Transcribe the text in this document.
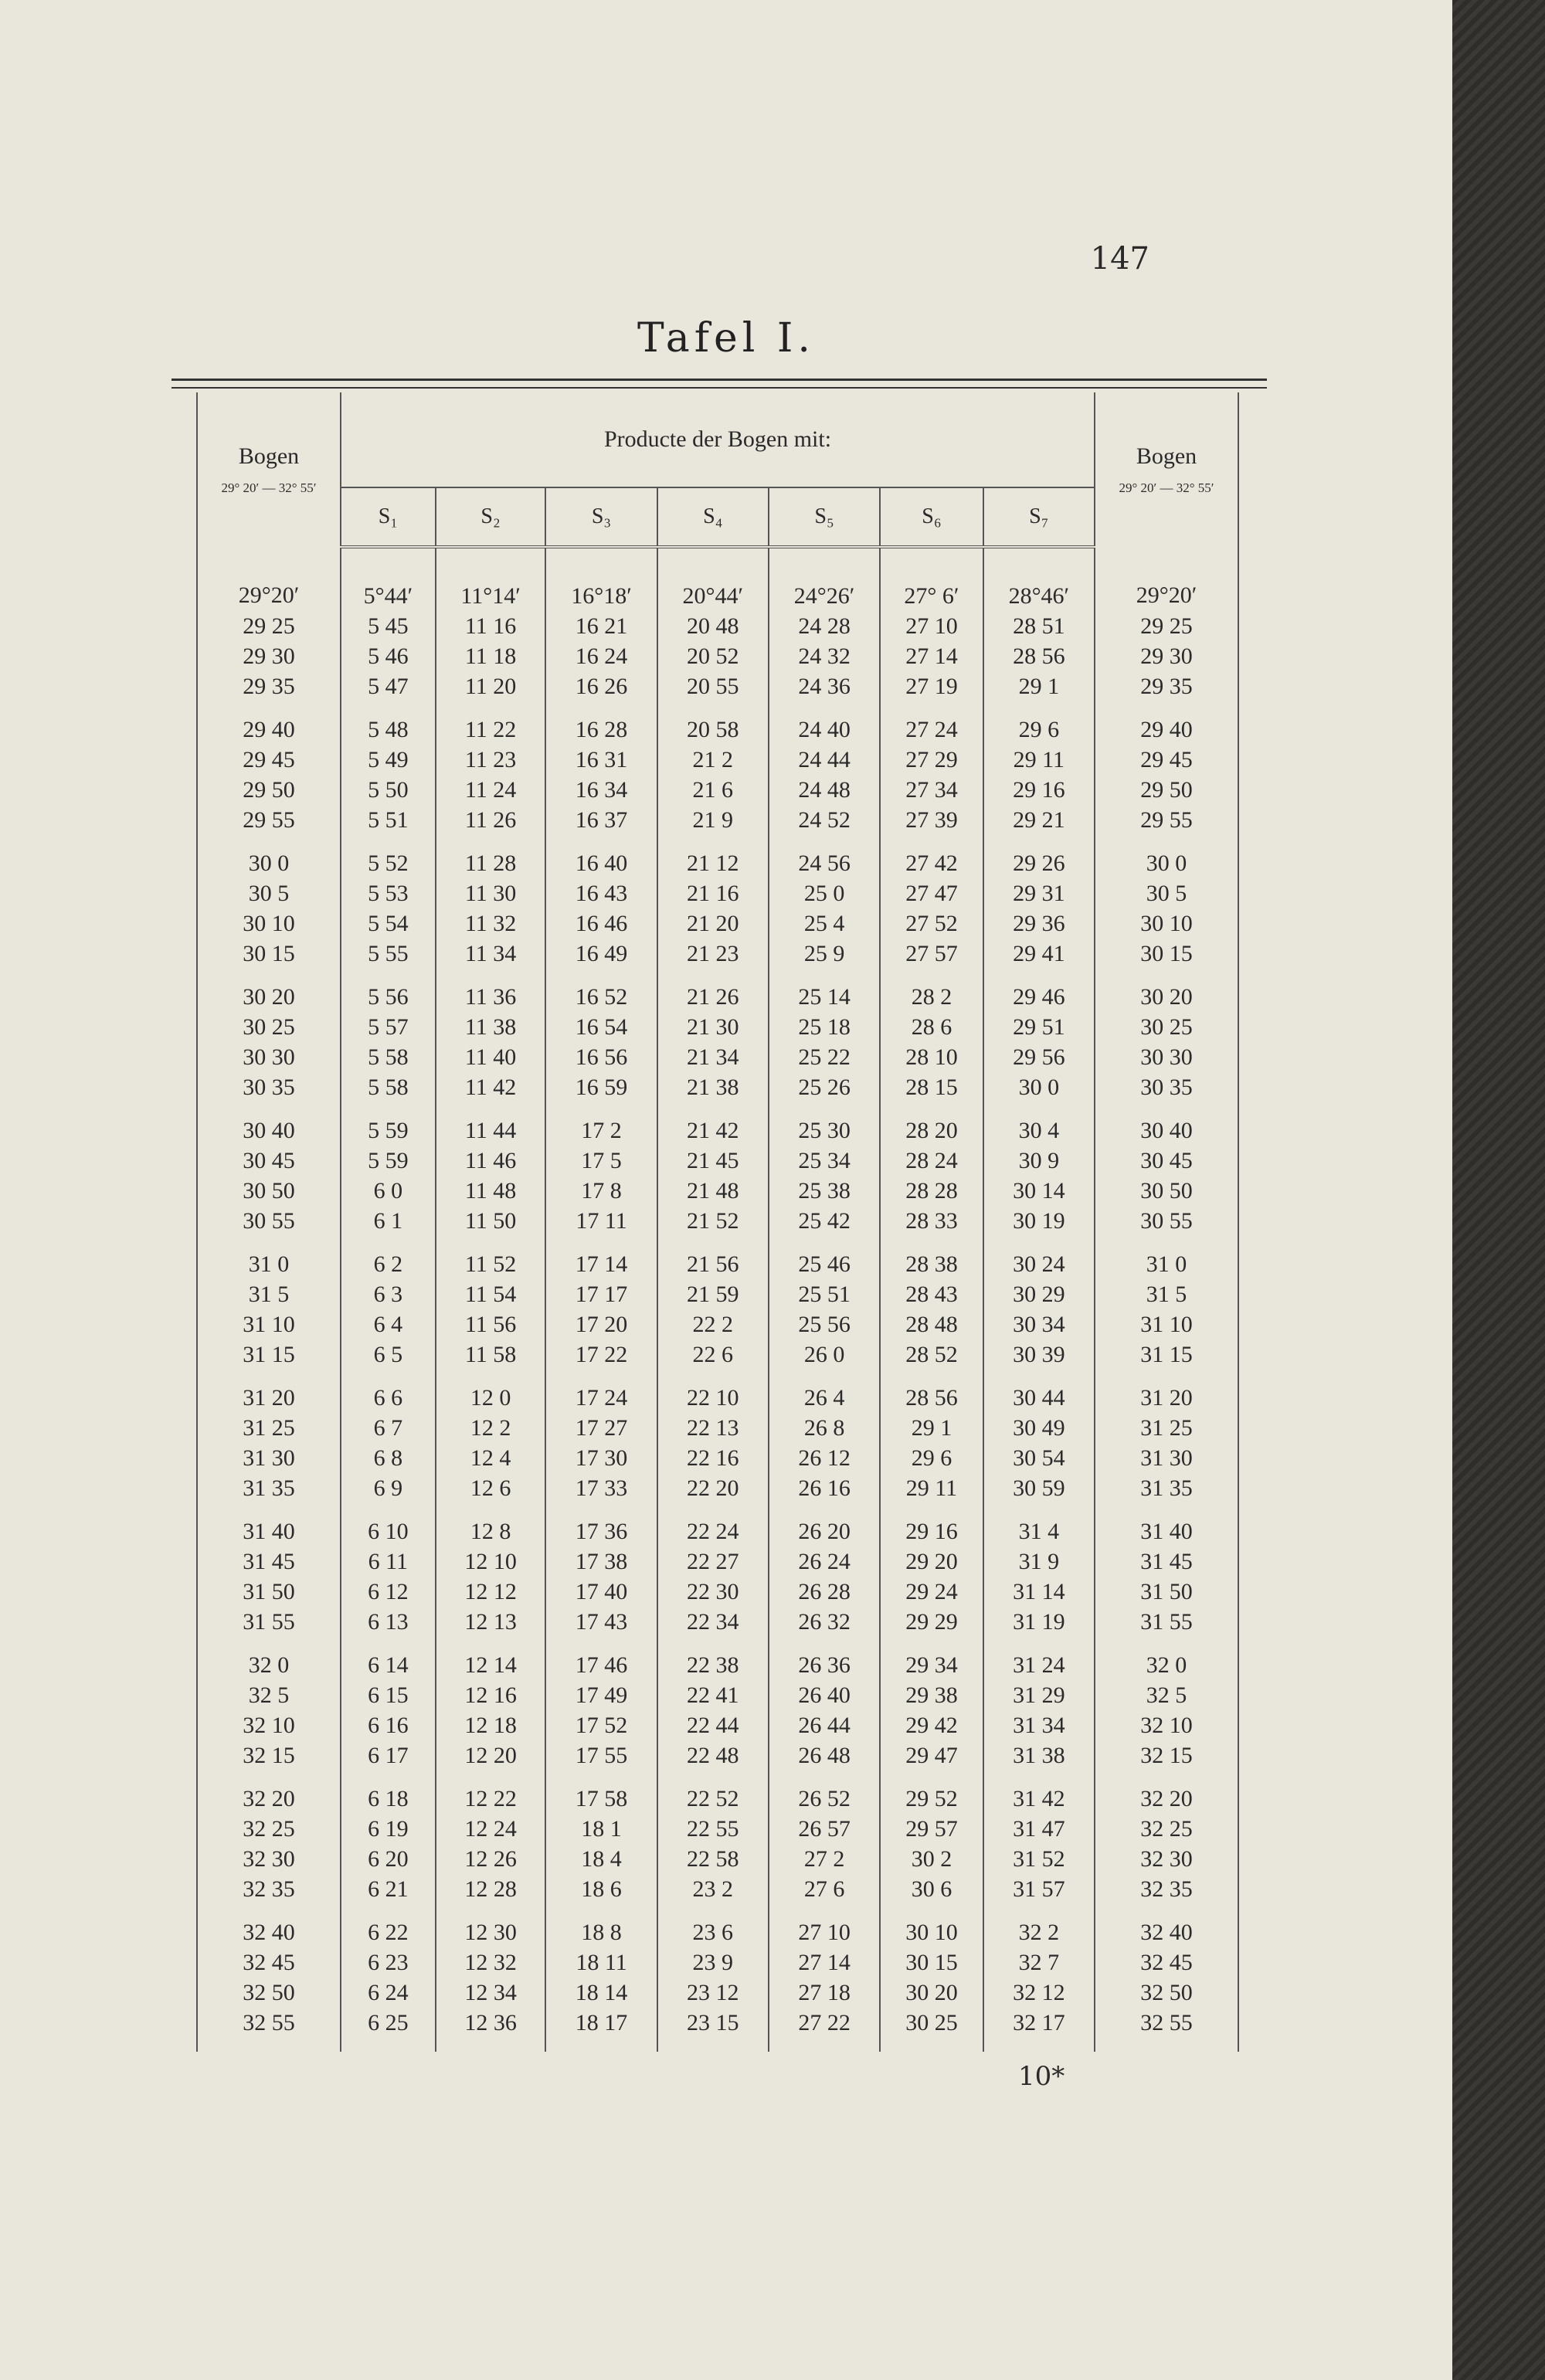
147
Tafel I.
Bogen
29° 20′ — 32° 55′	Producte der Bogen mit:							Bogen
29° 20′ — 32° 55′

	S₁	S₂	S₃	S₄	S₅	S₆	S₇	
29°20′	5°44′	11°14′	16°18′	20°44′	24°26′	27° 6′	28°46′	29°20′
29 25	5 45	11 16	16 21	20 48	24 28	27 10	28 51	29 25
29 30	5 46	11 18	16 24	20 52	24 32	27 14	28 56	29 30
29 35	5 47	11 20	16 26	20 55	24 36	27 19	29 1	29 35
29 40	5 48	11 22	16 28	20 58	24 40	27 24	29 6	29 40
29 45	5 49	11 23	16 31	21 2	24 44	27 29	29 11	29 45
29 50	5 50	11 24	16 34	21 6	24 48	27 34	29 16	29 50
29 55	5 51	11 26	16 37	21 9	24 52	27 39	29 21	29 55
30 0	5 52	11 28	16 40	21 12	24 56	27 42	29 26	30 0
30 5	5 53	11 30	16 43	21 16	25 0	27 47	29 31	30 5
30 10	5 54	11 32	16 46	21 20	25 4	27 52	29 36	30 10
30 15	5 55	11 34	16 49	21 23	25 9	27 57	29 41	30 15
30 20	5 56	11 36	16 52	21 26	25 14	28 2	29 46	30 20
30 25	5 57	11 38	16 54	21 30	25 18	28 6	29 51	30 25
30 30	5 58	11 40	16 56	21 34	25 22	28 10	29 56	30 30
30 35	5 58	11 42	16 59	21 38	25 26	28 15	30 0	30 35
30 40	5 59	11 44	17 2	21 42	25 30	28 20	30 4	30 40
30 45	5 59	11 46	17 5	21 45	25 34	28 24	30 9	30 45
30 50	6 0	11 48	17 8	21 48	25 38	28 28	30 14	30 50
30 55	6 1	11 50	17 11	21 52	25 42	28 33	30 19	30 55
31 0	6 2	11 52	17 14	21 56	25 46	28 38	30 24	31 0
31 5	6 3	11 54	17 17	21 59	25 51	28 43	30 29	31 5
31 10	6 4	11 56	17 20	22 2	25 56	28 48	30 34	31 10
31 15	6 5	11 58	17 22	22 6	26 0	28 52	30 39	31 15
31 20	6 6	12 0	17 24	22 10	26 4	28 56	30 44	31 20
31 25	6 7	12 2	17 27	22 13	26 8	29 1	30 49	31 25
31 30	6 8	12 4	17 30	22 16	26 12	29 6	30 54	31 30
31 35	6 9	12 6	17 33	22 20	26 16	29 11	30 59	31 35
31 40	6 10	12 8	17 36	22 24	26 20	29 16	31 4	31 40
31 45	6 11	12 10	17 38	22 27	26 24	29 20	31 9	31 45
31 50	6 12	12 12	17 40	22 30	26 28	29 24	31 14	31 50
31 55	6 13	12 13	17 43	22 34	26 32	29 29	31 19	31 55
32 0	6 14	12 14	17 46	22 38	26 36	29 34	31 24	32 0
32 5	6 15	12 16	17 49	22 41	26 40	29 38	31 29	32 5
32 10	6 16	12 18	17 52	22 44	26 44	29 42	31 34	32 10
32 15	6 17	12 20	17 55	22 48	26 48	29 47	31 38	32 15
32 20	6 18	12 22	17 58	22 52	26 52	29 52	31 42	32 20
32 25	6 19	12 24	18 1	22 55	26 57	29 57	31 47	32 25
32 30	6 20	12 26	18 4	22 58	27 2	30 2	31 52	32 30
32 35	6 21	12 28	18 6	23 2	27 6	30 6	31 57	32 35
32 40	6 22	12 30	18 8	23 6	27 10	30 10	32 2	32 40
32 45	6 23	12 32	18 11	23 9	27 14	30 15	32 7	32 45
32 50	6 24	12 34	18 14	23 12	27 18	30 20	32 12	32 50
32 55	6 25	12 36	18 17	23 15	27 22	30 25	32 17	32 55
10*
